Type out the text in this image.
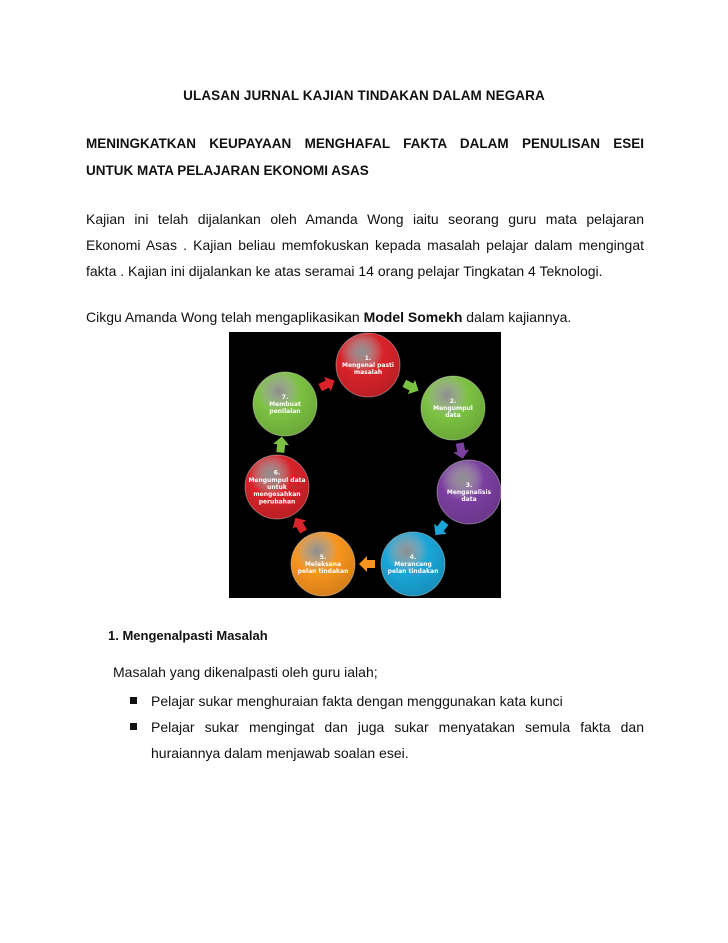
ULASAN JURNAL KAJIAN TINDAKAN DALAM NEGARA
MENINGKATKAN KEUPAYAAN MENGHAFAL FAKTA DALAM PENULISAN ESEI
UNTUK MATA PELAJARAN EKONOMI ASAS
Kajian ini telah dijalankan oleh Amanda Wong iaitu seorang guru mata pelajaran
Ekonomi Asas . Kajian beliau memfokuskan kepada masalah pelajar dalam mengingat
fakta . Kajian ini dijalankan ke atas seramai 14 orang pelajar Tingkatan 4 Teknologi.
Cikgu Amanda Wong telah mengaplikasikan Model Somekh dalam kajiannya.
1.
Mengenal pasti
masalah
2.
Mengumpul
data
3.
Menganalisis
data
4.
Merancang
pelan tindakan
5.
Melaksana
pelan tindakan
6.
Mengumpul data
untuk
mengesahkan
perubahan
7.
Membuat
penilaian
1. Mengenalpasti Masalah
Masalah yang dikenalpasti oleh guru ialah;
Pelajar sukar menghuraian fakta dengan menggunakan kata kunci
Pelajar sukar mengingat dan juga sukar menyatakan semula fakta dan
huraiannya dalam menjawab soalan esei.
